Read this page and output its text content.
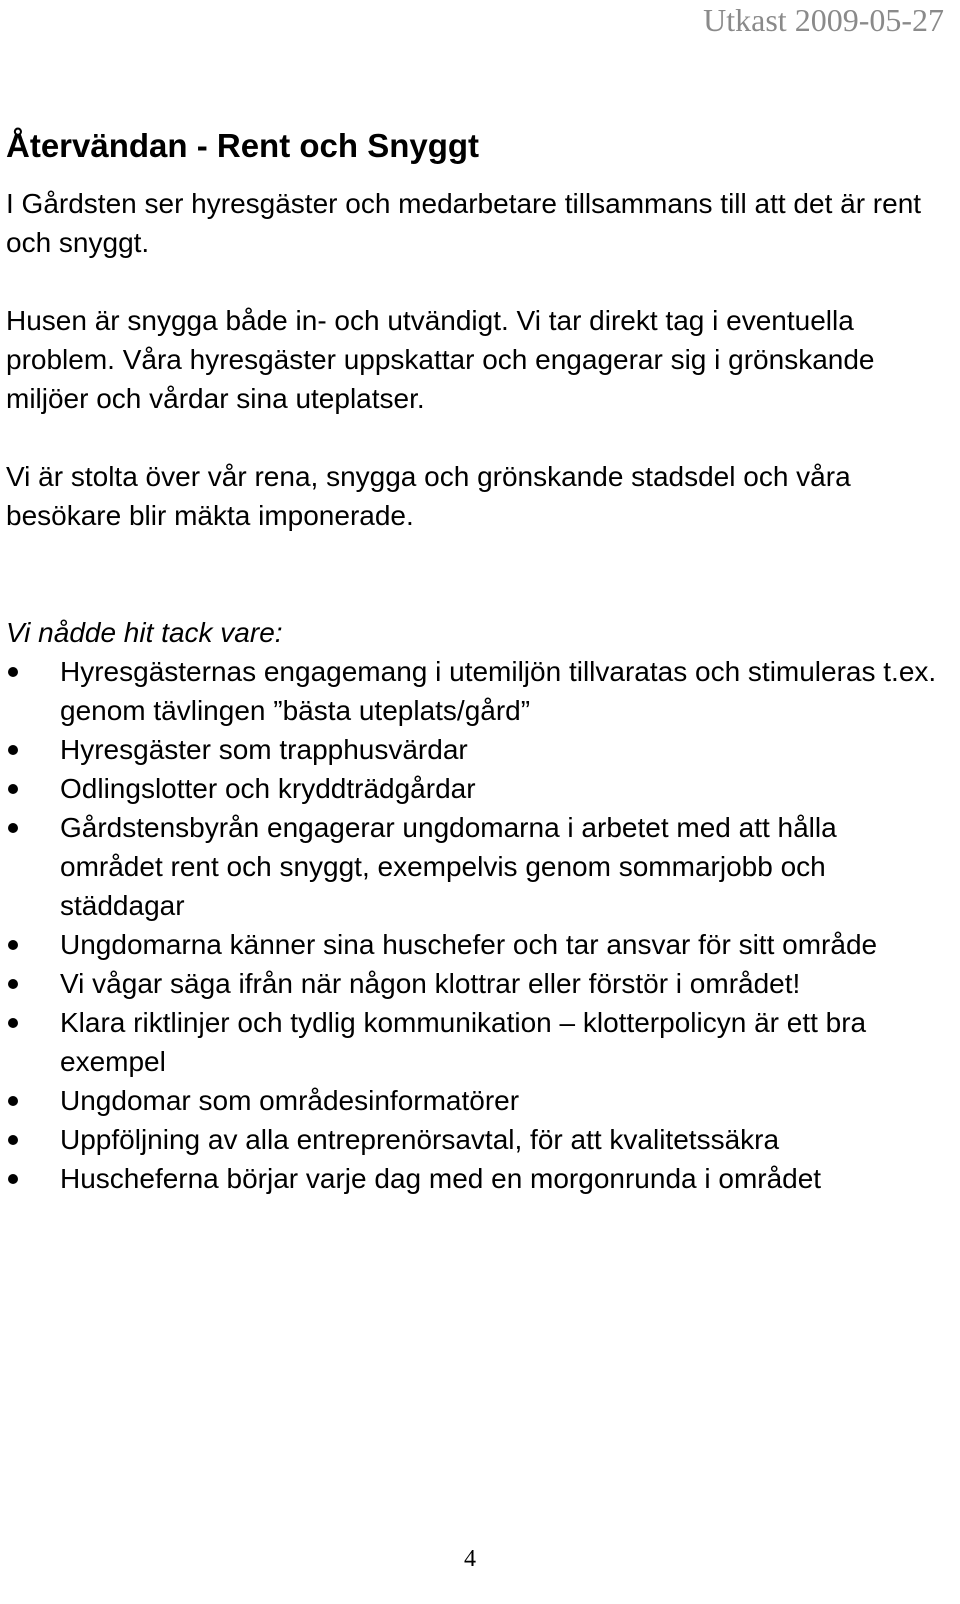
Utkast 2009-05-27
Återvändan - Rent och Snyggt

I Gårdsten ser hyresgäster och medarbetare tillsammans till att det är rent och snyggt.

Husen är snygga både in- och utvändigt. Vi tar direkt tag i eventuella problem. Våra hyresgäster uppskattar och engagerar sig i grönskande miljöer och vårdar sina uteplatser.

Vi är stolta över vår rena, snygga och grönskande stadsdel och våra besökare blir mäkta imponerade.

Vi nådde hit tack vare:

Hyresgästernas engagemang i utemiljön tillvaratas och stimuleras t.ex. genom tävlingen ”bästa uteplats/gård”
Hyresgäster som trapphusvärdar
Odlingslotter och kryddträdgårdar
Gårdstensbyrån engagerar ungdomarna i arbetet med att hålla området rent och snyggt, exempelvis genom sommarjobb och städdagar
Ungdomarna känner sina huschefer och tar ansvar för sitt område
Vi vågar säga ifrån när någon klottrar eller förstör i området!
Klara riktlinjer och tydlig kommunikation – klotterpolicyn är ett bra exempel
Ungdomar som områdesinformatörer
Uppföljning av alla entreprenörsavtal, för att kvalitetssäkra
Huscheferna börjar varje dag med en morgonrunda i området
4
